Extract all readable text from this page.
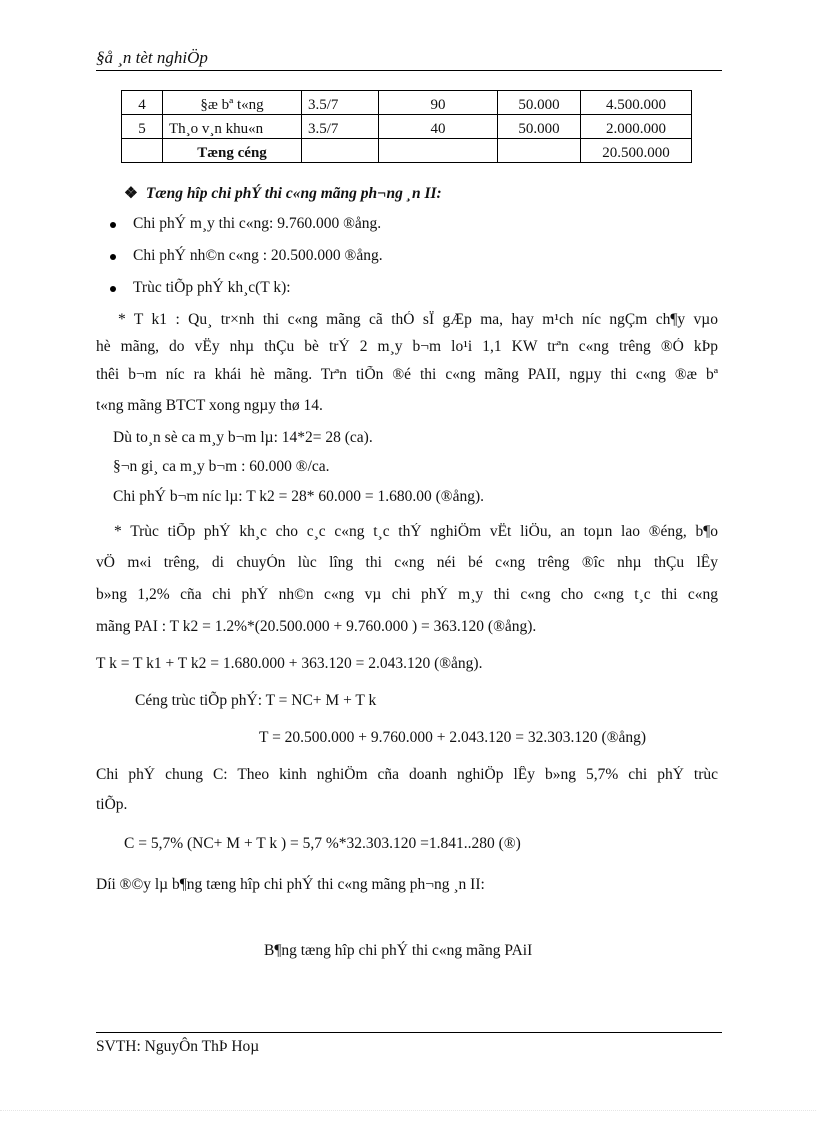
§å ¸n tèt nghiÖp
4	§æ bª t«ng	3.5/7	90	50.000	4.500.000
5	Th¸o v¸n khu«n	3.5/7	40	50.000	2.000.000
	Tæng céng				20.500.000
❖ Tæng hîp chi phÝ thi c«ng mãng ph¬ng ¸n II:
Chi phÝ m¸y thi c«ng: 9.760.000 ®ång.
Chi phÝ nh©n c«ng : 20.500.000 ®ång.
Trùc tiÕp phÝ kh¸c(T k):
* T k1 : Qu¸ tr×nh thi c«ng mãng cã thÓ sÏ gÆp ma, hay m¹ch níc ngÇm ch¶y vµo
hè mãng, do vËy nhµ thÇu bè trÝ 2 m¸y b¬m lo¹i 1,1 KW trªn c«ng trêng ®Ó kÞp
thêi b¬m níc ra khái hè mãng. Trªn tiÕn ®é thi c«ng mãng PAII, ngµy thi c«ng ®æ bª
t«ng mãng BTCT xong ngµy thø 14.
Dù to¸n sè ca m¸y b¬m lµ: 14*2= 28 (ca).
§¬n gi¸ ca m¸y b¬m : 60.000 ®/ca.
Chi phÝ b¬m níc lµ: T k2 = 28* 60.000 = 1.680.00 (®ång).
* Trùc tiÕp phÝ kh¸c cho c¸c c«ng t¸c thÝ nghiÖm vËt liÖu, an toµn lao ®éng, b¶o
vÖ m«i trêng, di chuyÓn lùc lîng thi c«ng néi bé c«ng trêng ®îc nhµ thÇu lÊy
b»ng 1,2% cña chi phÝ nh©n c«ng vµ chi phÝ m¸y thi c«ng cho c«ng t¸c thi c«ng
mãng PAI : T k2 = 1.2%*(20.500.000 + 9.760.000 ) = 363.120 (®ång).
T k = T k1 + T k2 = 1.680.000 + 363.120 = 2.043.120 (®ång).
Céng trùc tiÕp phÝ: T = NC+ M + T k
T = 20.500.000 + 9.760.000 + 2.043.120 = 32.303.120 (®ång)
Chi phÝ chung C: Theo kinh nghiÖm cña doanh nghiÖp lÊy b»ng 5,7% chi phÝ trùc
tiÕp.
C = 5,7% (NC+ M + T k ) = 5,7 %*32.303.120 =1.841..280 (®)
Díi ®©y lµ b¶ng tæng hîp chi phÝ thi c«ng mãng ph¬ng ¸n II:
B¶ng tæng hîp chi phÝ thi c«ng mãng PAiI
SVTH: NguyÔn ThÞ Hoµ
